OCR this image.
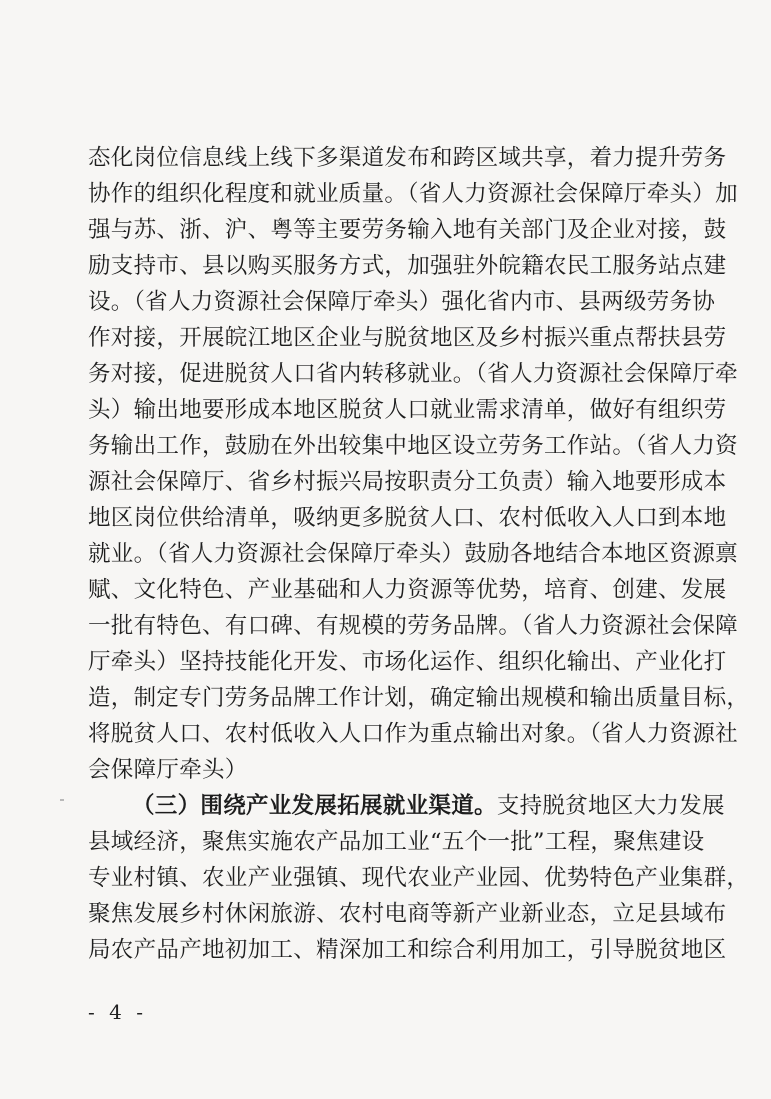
态化岗位信息线上线下多渠道发布和跨区域共享，着力提升劳务
协作的组织化程度和就业质量。（省人力资源社会保障厅牵头）加
强与苏、浙、沪、粤等主要劳务输入地有关部门及企业对接，鼓
励支持市、县以购买服务方式，加强驻外皖籍农民工服务站点建
设。（省人力资源社会保障厅牵头）强化省内市、县两级劳务协
作对接，开展皖江地区企业与脱贫地区及乡村振兴重点帮扶县劳
务对接，促进脱贫人口省内转移就业。（省人力资源社会保障厅牵
头）输出地要形成本地区脱贫人口就业需求清单，做好有组织劳
务输出工作，鼓励在外出较集中地区设立劳务工作站。（省人力资
源社会保障厅、省乡村振兴局按职责分工负责）输入地要形成本
地区岗位供给清单，吸纳更多脱贫人口、农村低收入人口到本地
就业。（省人力资源社会保障厅牵头）鼓励各地结合本地区资源禀
赋、文化特色、产业基础和人力资源等优势，培育、创建、发展
一批有特色、有口碑、有规模的劳务品牌。（省人力资源社会保障
厅牵头）坚持技能化开发、市场化运作、组织化输出、产业化打
造，制定专门劳务品牌工作计划，确定输出规模和输出质量目标，
将脱贫人口、农村低收入人口作为重点输出对象。（省人力资源社
会保障厅牵头）
（三）围绕产业发展拓展就业渠道。支持脱贫地区大力发展
县域经济，聚焦实施农产品加工业“五个一批”工程，聚焦建设
专业村镇、农业产业强镇、现代农业产业园、优势特色产业集群，
聚焦发展乡村休闲旅游、农村电商等新产业新业态，立足县域布
局农产品产地初加工、精深加工和综合利用加工，引导脱贫地区
- 4 -
